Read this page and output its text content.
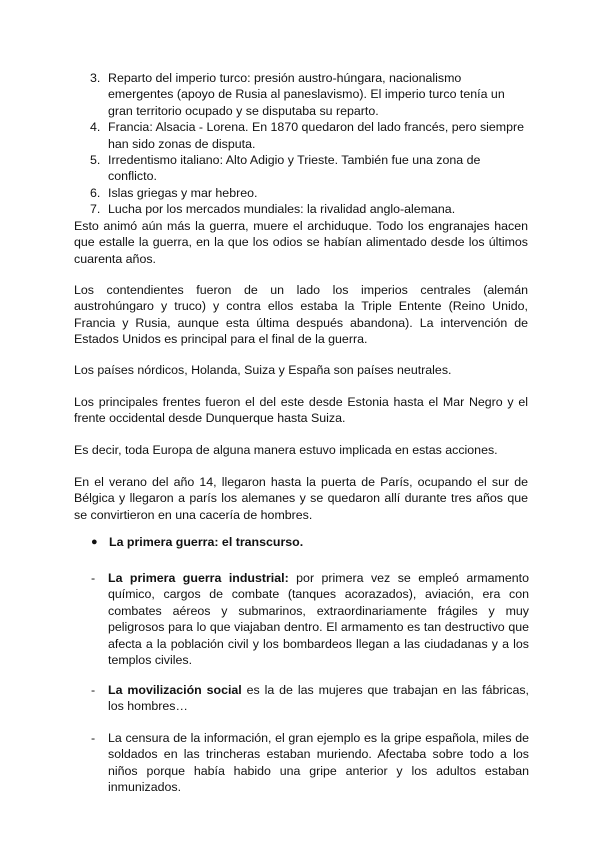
3. Reparto del imperio turco: presión austro-húngara, nacionalismo emergentes (apoyo de Rusia al paneslavismo). El imperio turco tenía un gran territorio ocupado y se disputaba su reparto.
4. Francia: Alsacia - Lorena. En 1870 quedaron del lado francés, pero siempre han sido zonas de disputa.
5. Irredentismo italiano: Alto Adigio y Trieste. También fue una zona de conflicto.
6. Islas griegas y mar hebreo.
7. Lucha por los mercados mundiales: la rivalidad anglo-alemana.

Esto animó aún más la guerra, muere el archiduque. Todo los engranajes hacen que estalle la guerra, en la que los odios se habían alimentado desde los últimos cuarenta años.

Los contendientes fueron de un lado los imperios centrales (alemán austrohúngaro y truco) y contra ellos estaba la Triple Entente (Reino Unido, Francia y Rusia, aunque esta última después abandona). La intervención de Estados Unidos es principal para el final de la guerra.

Los países nórdicos, Holanda, Suiza y España son países neutrales.

Los principales frentes fueron el del este desde Estonia hasta el Mar Negro y el frente occidental desde Dunquerque hasta Suiza.

Es decir, toda Europa de alguna manera estuvo implicada en estas acciones.

En el verano del año 14, llegaron hasta la puerta de París, ocupando el sur de Bélgica y llegaron a parís los alemanes y se quedaron allí durante tres años que se convirtieron en una cacería de hombres.

● La primera guerra: el transcurso.
- La primera guerra industrial: por primera vez se empleó armamento químico, cargos de combate (tanques acorazados), aviación, era con combates aéreos y submarinos, extraordinariamente frágiles y muy peligrosos para lo que viajaban dentro. El armamento es tan destructivo que afecta a la población civil y los bombardeos llegan a las ciudadanas y a los templos civiles.
- La movilización social es la de las mujeres que trabajan en las fábricas, los hombres…
- La censura de la información, el gran ejemplo es la gripe española, miles de soldados en las trincheras estaban muriendo. Afectaba sobre todo a los niños porque había habido una gripe anterior y los adultos estaban inmunizados.
